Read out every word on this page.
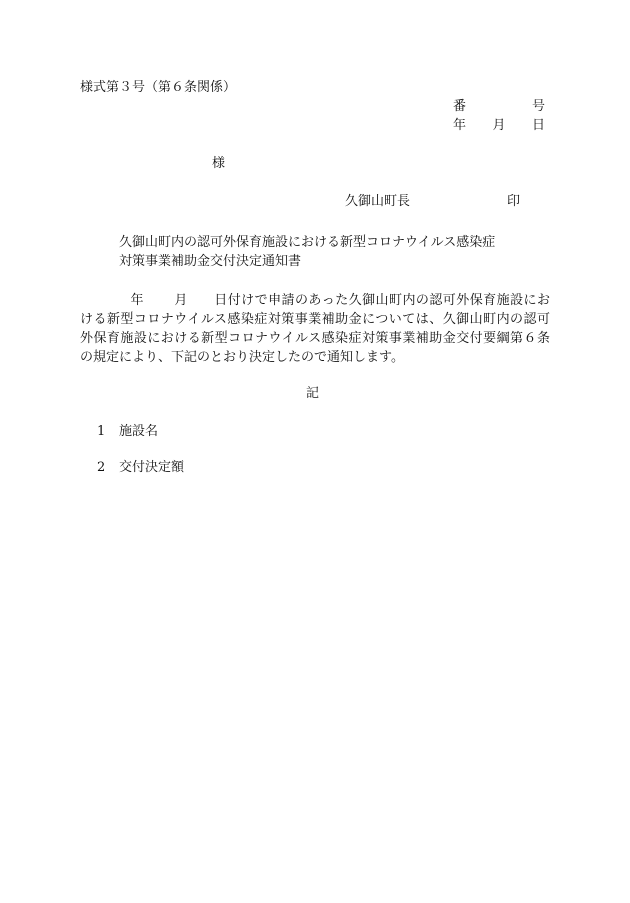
様式第３号（第６条関係）
番	号
年 月 日
様
久御山町長	印
久御山町内の認可外保育施設における新型コロナウイルス感染症
対策事業補助金交付決定通知書
年 月 日付けで申請のあった久御山町内の認可外保育施設にお
ける新型コロナウイルス感染症対策事業補助金については、久御山町内の認可
外保育施設における新型コロナウイルス感染症対策事業補助金交付要綱第６条
の規定により、下記のとおり決定したので通知します。
記
1 施設名
2 交付決定額
